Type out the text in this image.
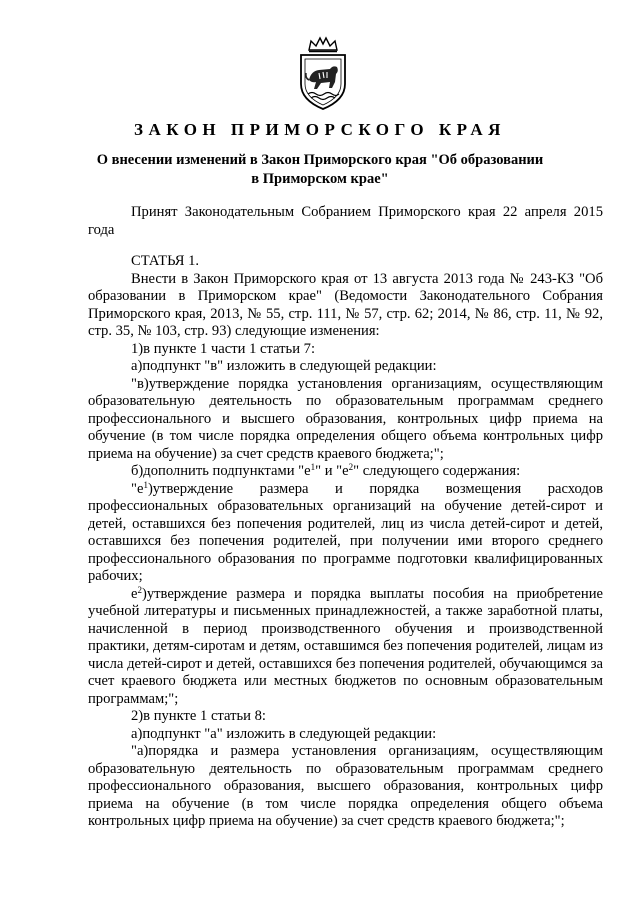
ЗАКОН ПРИМОРСКОГО КРАЯ
О внесении изменений в Закон Приморского края "Об образовании в Приморском крае"

Принят Законодательным Собранием Приморского края 22 апреля 2015 года

СТАТЬЯ 1.

Внести в Закон Приморского края от 13 августа 2013 года № 243-КЗ "Об образовании в Приморском крае" (Ведомости Законодательного Собрания Приморского края, 2013, № 55, стр. 111, № 57, стр. 62; 2014, № 86, стр. 11, № 92, стр. 35, № 103, стр. 93) следующие изменения:

1)в пункте 1 части 1 статьи 7:

а)подпункт "в" изложить в следующей редакции:

"в)утверждение порядка установления организациям, осуществляющим образовательную деятельность по образовательным программам среднего профессионального и высшего образования, контрольных цифр приема на обучение (в том числе порядка определения общего объема контрольных цифр приема на обучение) за счет средств краевого бюджета;";

б)дополнить подпунктами "$е^1$" и "$е^2$" следующего содержания:

"$е^1)утверждение$ размера и порядка возмещения расходов профессиональных образовательных организаций на обучение детей-сирот и детей, оставшихся без попечения родителей, лиц из числа детей-сирот и детей, оставшихся без попечения родителей, при получении ими второго среднего профессионального образования по программе подготовки квалифицированных рабочих;

$е^2)утверждение$ размера и порядка выплаты пособия на приобретение учебной литературы и письменных принадлежностей, а также заработной платы, начисленной в период производственного обучения и производственной практики, детям-сиротам и детям, оставшимся без попечения родителей, лицам из числа детей-сирот и детей, оставшихся без попечения родителей, обучающимся за счет краевого бюджета или местных бюджетов по основным образовательным программам;";

2)в пункте 1 статьи 8:

а)подпункт "а" изложить в следующей редакции:

"а)порядка и размера установления организациям, осуществляющим образовательную деятельность по образовательным программам среднего профессионального образования, высшего образования, контрольных цифр приема на обучение (в том числе порядка определения общего объема контрольных цифр приема на обучение) за счет средств краевого бюджета;";
